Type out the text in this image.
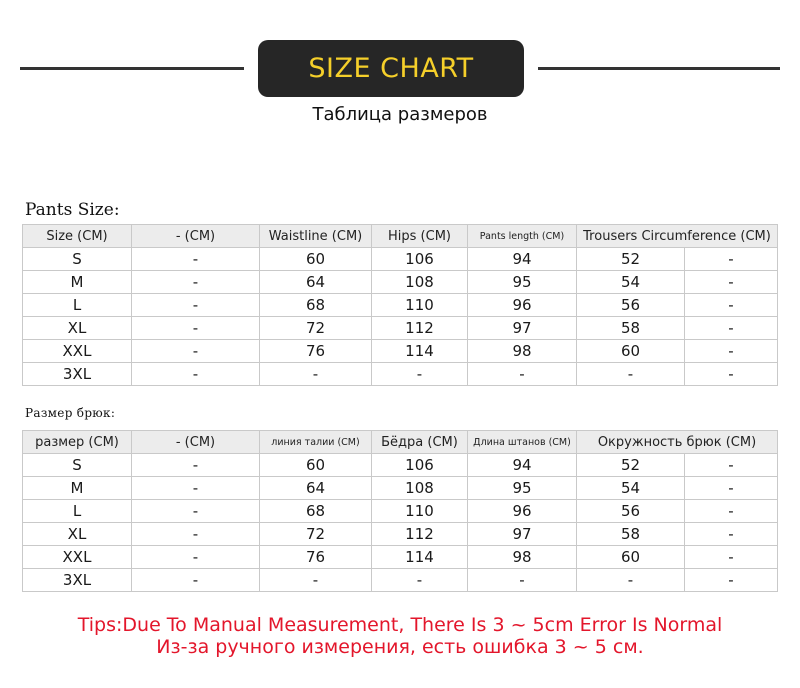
SIZE CHART
Таблица размеров
Pants Size:
Size (CM)	- (CM)	Waistline (CM)	Hips (CM)	Pants length (CM)	Trousers Circumference (CM)	
S	-	60	106	94	52	-
M	-	64	108	95	54	-
L	-	68	110	96	56	-
XL	-	72	112	97	58	-
XXL	-	76	114	98	60	-
3XL	-	-	-	-	-	-
Размер брюк:
размер (CM)	- (CM)	линия талии (CM)	Бёдра (CM)	Длина штанов (CM)	Окружность брюк (CM)	
S	-	60	106	94	52	-
M	-	64	108	95	54	-
L	-	68	110	96	56	-
XL	-	72	112	97	58	-
XXL	-	76	114	98	60	-
3XL	-	-	-	-	-	-
Tips:Due To Manual Measurement, There Is 3 ~ 5cm Error Is Normal
Из-за ручного измерения, есть ошибка 3 ~ 5 см.
